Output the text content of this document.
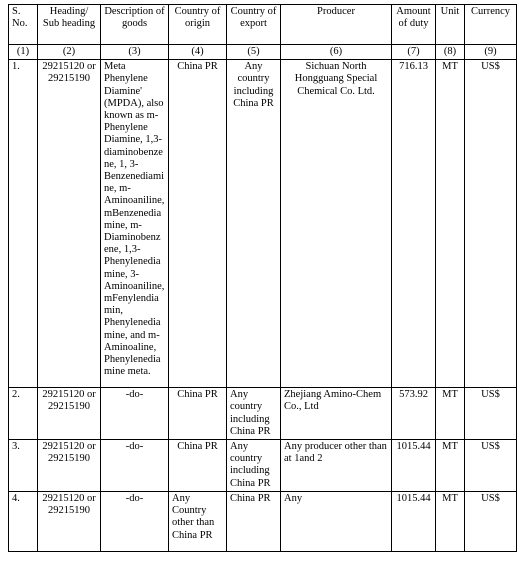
S. No.	Heading/ Sub heading	Description of goods	Country of origin	Country of export	Producer	Amount of duty	Unit	Currency
(1)	(2)	(3)	(4)	(5)	(6)	(7)	(8)	(9)
1.	29215120 or 29215190	Meta Phenylene Diamine' (MPDA), also known as m-Phenylene Diamine, 1,3-diaminobenzene, 1, 3-Benzenediamine, m-Aminoaniline, mBenzenediamine, m-Diaminobenzene, 1,3-Phenylenediamine, 3-Aminoaniline, mFenylendiamin, Phenylenediamine, and m-Aminoaline, Phenylenediamine meta.	China PR	Any country including China PR	Sichuan North Hongguang Special Chemical Co. Ltd.	716.13	MT	US$
2.	29215120 or 29215190	-do-	China PR	Any country including China PR	Zhejiang Amino-Chem Co., Ltd	573.92	MT	US$
3.	29215120 or 29215190	-do-	China PR	Any country including China PR	Any producer other than at 1and 2	1015.44	MT	US$
4.	29215120 or 29215190	-do-	Any Country other than China PR	China PR	Any	1015.44	MT	US$
